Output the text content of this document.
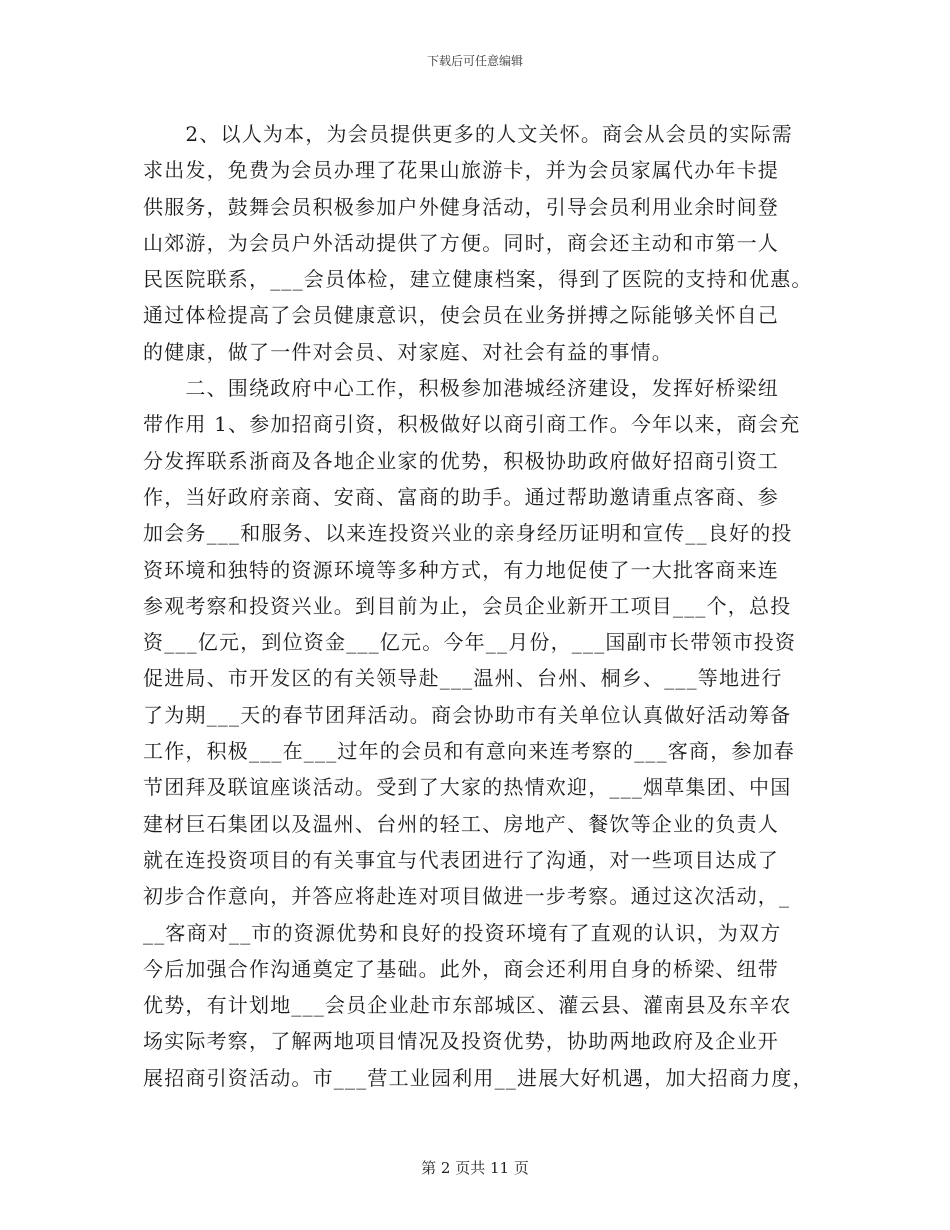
下载后可任意编辑
　　2、以人为本，为会员提供更多的人文关怀。商会从会员的实际需
求出发，免费为会员办理了花果山旅游卡，并为会员家属代办年卡提
供服务，鼓舞会员积极参加户外健身活动，引导会员利用业余时间登
山郊游，为会员户外活动提供了方便。同时，商会还主动和市第一人
民医院联系，___会员体检，建立健康档案，得到了医院的支持和优惠。
通过体检提高了会员健康意识，使会员在业务拼搏之际能够关怀自己
的健康，做了一件对会员、对家庭、对社会有益的事情。
　　二、围绕政府中心工作，积极参加港城经济建设，发挥好桥梁纽
带作用 1、参加招商引资，积极做好以商引商工作。今年以来，商会充
分发挥联系浙商及各地企业家的优势，积极协助政府做好招商引资工
作，当好政府亲商、安商、富商的助手。通过帮助邀请重点客商、参
加会务___和服务、以来连投资兴业的亲身经历证明和宣传__良好的投
资环境和独特的资源环境等多种方式，有力地促使了一大批客商来连
参观考察和投资兴业。到目前为止，会员企业新开工项目___个，总投
资___亿元，到位资金___亿元。今年__月份，___国副市长带领市投资
促进局、市开发区的有关领导赴___温州、台州、桐乡、___等地进行
了为期___天的春节团拜活动。商会协助市有关单位认真做好活动筹备
工作，积极___在___过年的会员和有意向来连考察的___客商，参加春
节团拜及联谊座谈活动。受到了大家的热情欢迎，___烟草集团、中国
建材巨石集团以及温州、台州的轻工、房地产、餐饮等企业的负责人
就在连投资项目的有关事宜与代表团进行了沟通，对一些项目达成了
初步合作意向，并答应将赴连对项目做进一步考察。通过这次活动，_
__客商对__市的资源优势和良好的投资环境有了直观的认识，为双方
今后加强合作沟通奠定了基础。此外，商会还利用自身的桥梁、纽带
优势，有计划地___会员企业赴市东部城区、灌云县、灌南县及东辛农
场实际考察，了解两地项目情况及投资优势，协助两地政府及企业开
展招商引资活动。市___营工业园利用__进展大好机遇，加大招商力度，
第 2 页共 11 页
